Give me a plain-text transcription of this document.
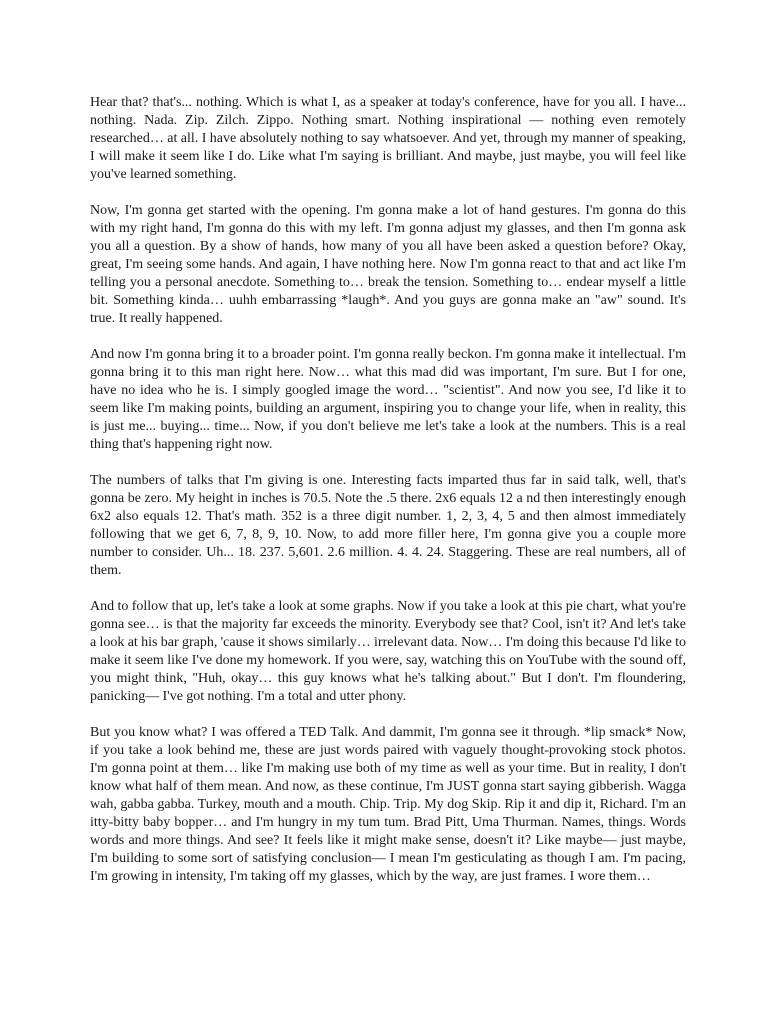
Hear that? that's... nothing. Which is what I, as a speaker at today's conference, have for you all. I have... nothing. Nada. Zip. Zilch. Zippo. Nothing smart. Nothing inspirational — nothing even remotely researched… at all. I have absolutely nothing to say whatsoever. And yet, through my manner of speaking, I will make it seem like I do. Like what I'm saying is brilliant. And maybe, just maybe, you will feel like you've learned something.

Now, I'm gonna get started with the opening. I'm gonna make a lot of hand gestures. I'm gonna do this with my right hand, I'm gonna do this with my left. I'm gonna adjust my glasses, and then I'm gonna ask you all a question. By a show of hands, how many of you all have been asked a question before? Okay, great, I'm seeing some hands. And again, I have nothing here. Now I'm gonna react to that and act like I'm telling you a personal anecdote. Something to… break the tension. Something to… endear myself a little bit. Something kinda… uuhh embarrassing *laugh*. And you guys are gonna make an "aw" sound. It's true. It really happened.

And now I'm gonna bring it to a broader point. I'm gonna really beckon. I'm gonna make it intellectual. I'm gonna bring it to this man right here. Now… what this mad did was important, I'm sure. But I for one, have no idea who he is. I simply googled image the word… "scientist". And now you see, I'd like it to seem like I'm making points, building an argument, inspiring you to change your life, when in reality, this is just me... buying... time... Now, if you don't believe me let's take a look at the numbers. This is a real thing that's happening right now.

The numbers of talks that I'm giving is one. Interesting facts imparted thus far in said talk, well, that's gonna be zero. My height in inches is 70.5. Note the .5 there. 2x6 equals 12 a nd then interestingly enough 6x2 also equals 12. That's math. 352 is a three digit number. 1, 2, 3, 4, 5 and then almost immediately following that we get 6, 7, 8, 9, 10. Now, to add more filler here, I'm gonna give you a couple more number to consider. Uh... 18. 237. 5,601. 2.6 million. 4. 4. 24. Staggering. These are real numbers, all of them.

And to follow that up, let's take a look at some graphs. Now if you take a look at this pie chart, what you're gonna see… is that the majority far exceeds the minority. Everybody see that? Cool, isn't it? And let's take a look at his bar graph, 'cause it shows similarly… irrelevant data. Now… I'm doing this because I'd like to make it seem like I've done my homework. If you were, say, watching this on YouTube with the sound off, you might think, "Huh, okay… this guy knows what he's talking about." But I don't. I'm floundering, panicking— I've got nothing. I'm a total and utter phony.

But you know what? I was offered a TED Talk. And dammit, I'm gonna see it through. *lip smack* Now, if you take a look behind me, these are just words paired with vaguely thought-provoking stock photos. I'm gonna point at them… like I'm making use both of my time as well as your time. But in reality, I don't know what half of them mean. And now, as these continue, I'm JUST gonna start saying gibberish. Wagga wah, gabba gabba. Turkey, mouth and a mouth. Chip. Trip. My dog Skip. Rip it and dip it, Richard. I'm an itty-bitty baby bopper… and I'm hungry in my tum tum. Brad Pitt, Uma Thurman. Names, things. Words words and more things. And see? It feels like it might make sense, doesn't it? Like maybe— just maybe, I'm building to some sort of satisfying conclusion— I mean I'm gesticulating as though I am. I'm pacing, I'm growing in intensity, I'm taking off my glasses, which by the way, are just frames. I wore them…
